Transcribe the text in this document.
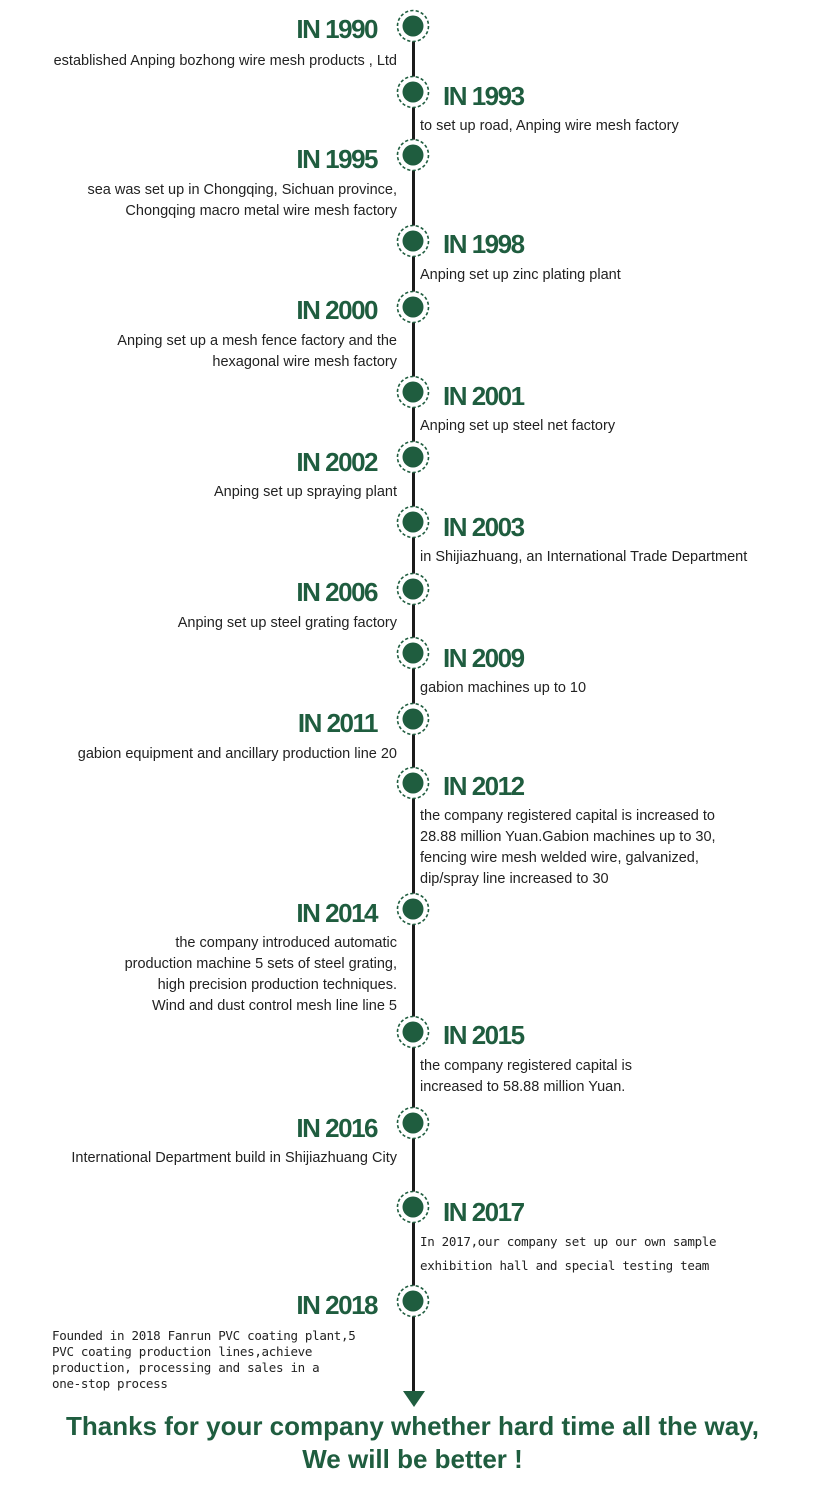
IN 1990
established Anping bozhong wire mesh products , Ltd
IN 1993
to set up road, Anping wire mesh factory
IN 1995
sea was set up in Chongqing, Sichuan province,
Chongqing macro metal wire mesh factory
IN 1998
Anping set up zinc plating plant
IN 2000
Anping set up a mesh fence factory and the
hexagonal wire mesh factory
IN 2001
Anping set up steel net factory
IN 2002
Anping set up spraying plant
IN 2003
in Shijiazhuang, an International Trade Department
IN 2006
Anping set up steel grating factory
IN 2009
gabion machines up to 10
IN 2011
gabion equipment and ancillary production line 20
IN 2012
the company registered capital is increased to
28.88 million Yuan.Gabion machines up to 30,
fencing wire mesh welded wire, galvanized,
dip/spray line increased to 30
IN 2014
the company introduced automatic
production machine 5 sets of steel grating,
high precision production techniques.
Wind and dust control mesh line line 5
IN 2015
the company registered capital is
increased to 58.88 million Yuan.
IN 2016
International Department build in Shijiazhuang City
IN 2017
In 2017,our company set up our own sample
exhibition hall and special testing team
IN 2018
Founded in 2018 Fanrun PVC coating plant,5
PVC coating production lines,achieve
production, processing and sales in a
one-stop process
Thanks for your company whether hard time all the way,
We will be better !
